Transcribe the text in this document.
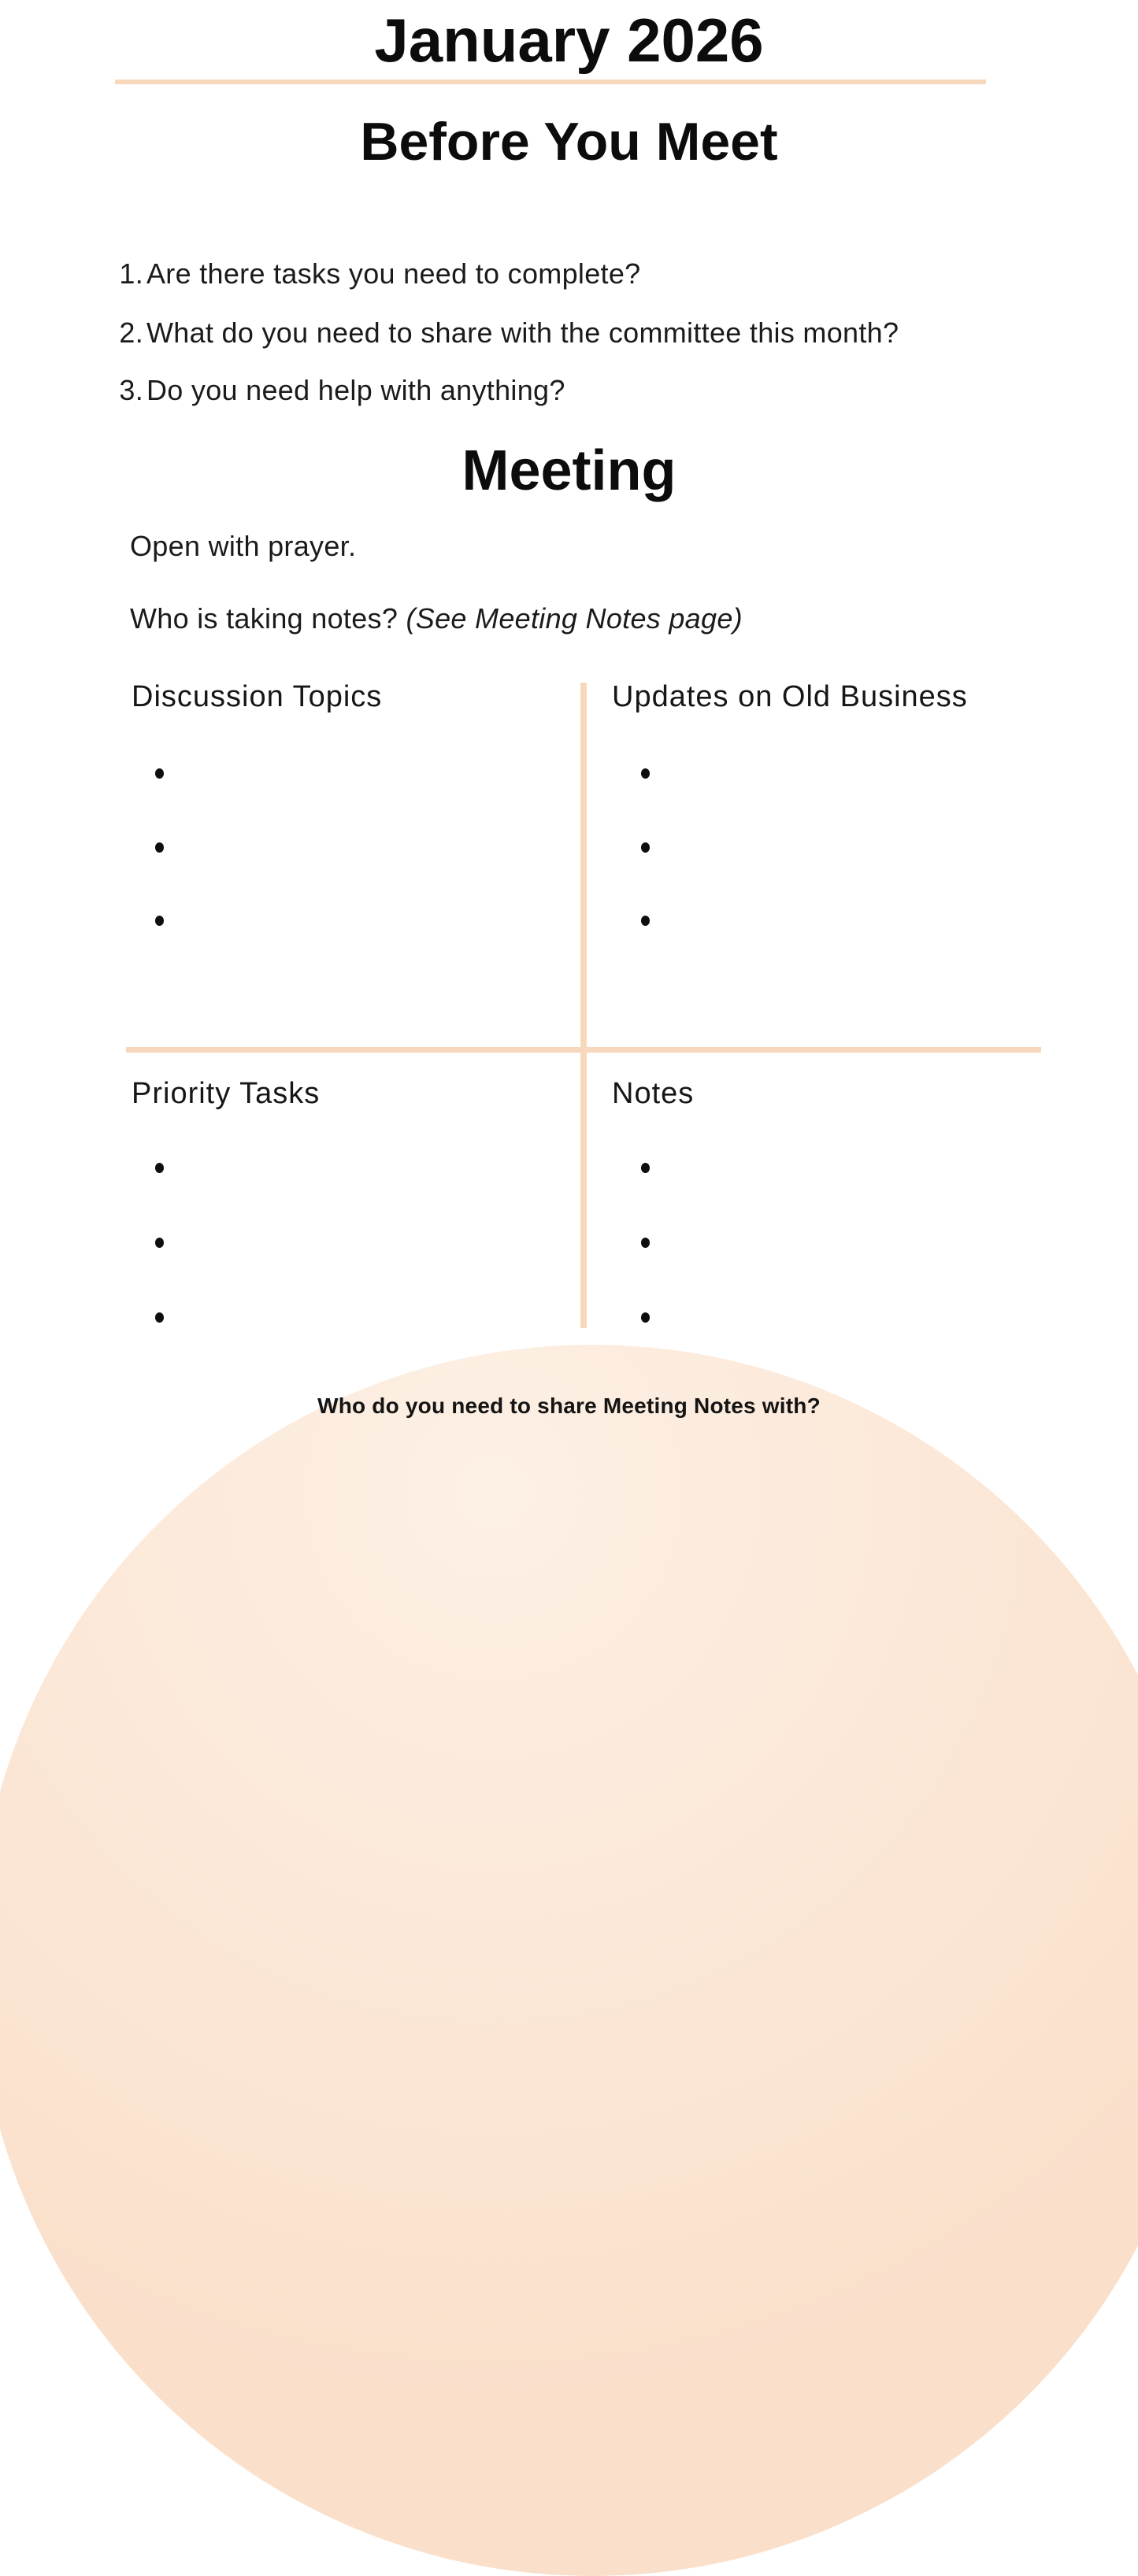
January 2026
Before You Meet
1. Are there tasks you need to complete?
2. What do you need to share with the committee this month?
3. Do you need help with anything?
Meeting
Open with prayer.
Who is taking notes? (See Meeting Notes page)
Discussion Topics	Updates on Old Business
Priority Tasks	Notes
Who do you need to share Meeting Notes with?
